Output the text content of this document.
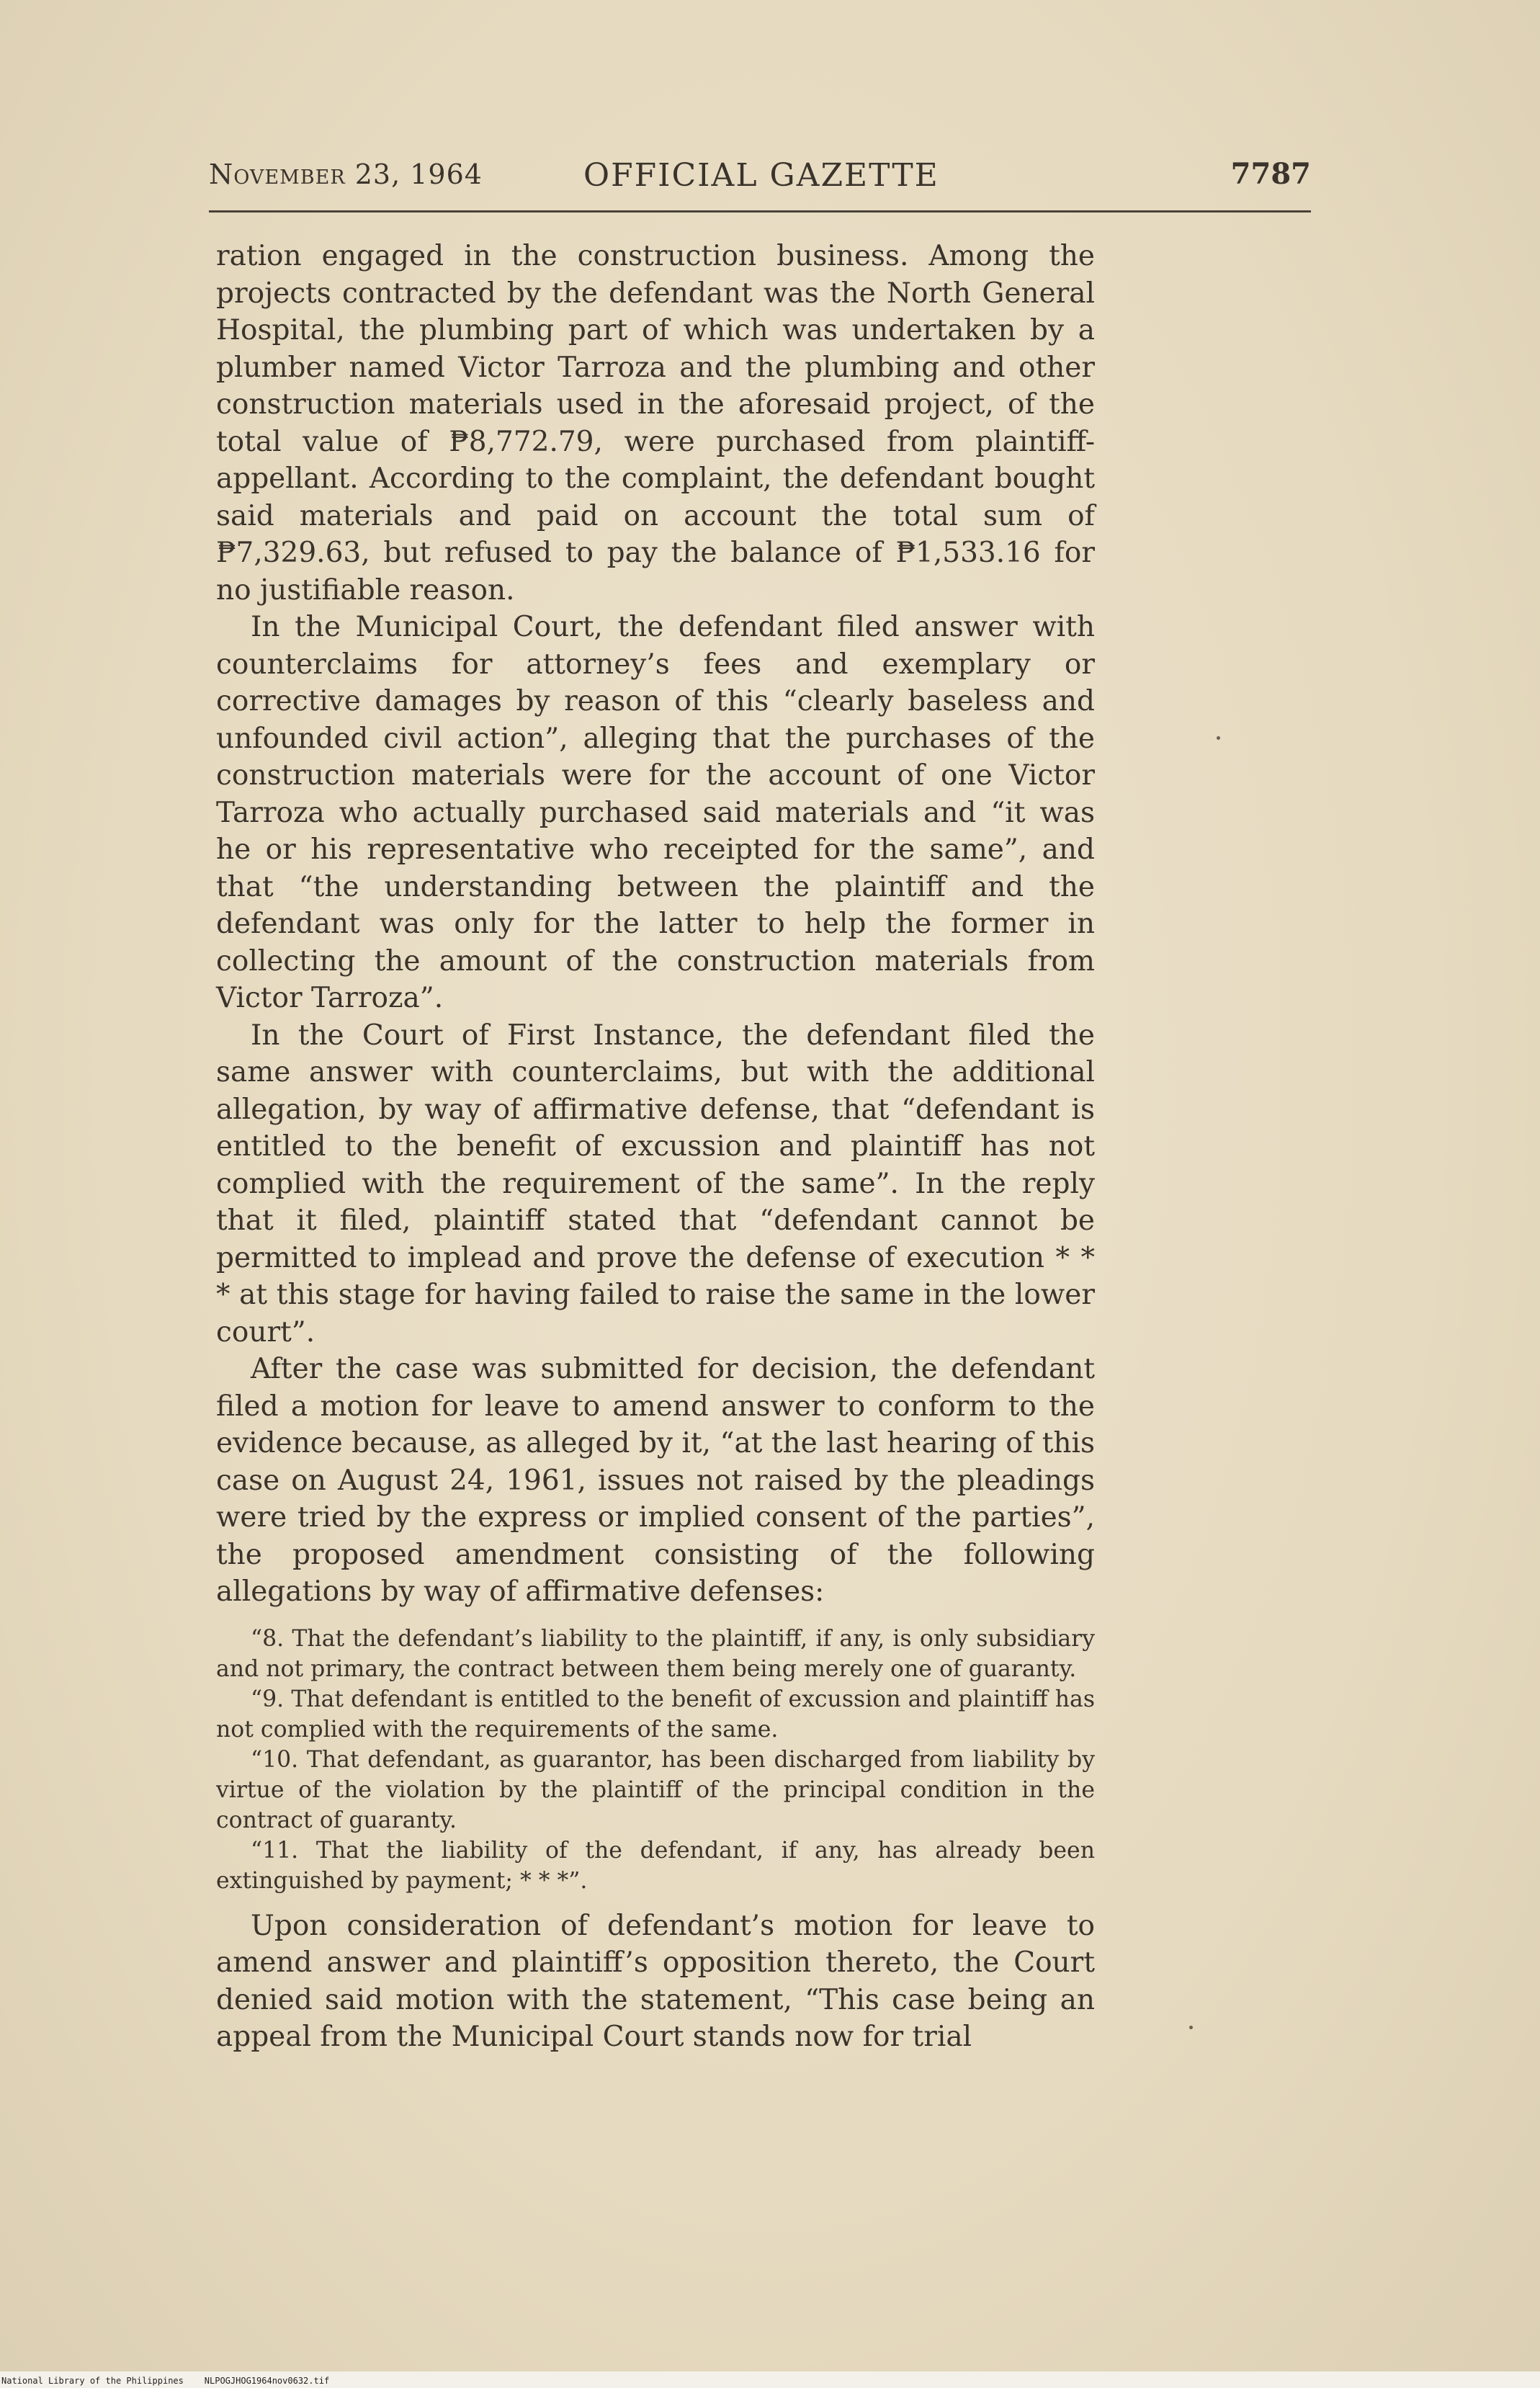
November 23, 1964	OFFICIAL GAZETTE	7787

ration engaged in the construction business. Among the projects contracted by the defendant was the North General Hospital, the plumbing part of which was undertaken by a plumber named Victor Tarroza and the plumbing and other construction materials used in the aforesaid project, of the total value of ₱8,772.79, were purchased from plaintiff-appellant. According to the complaint, the defendant bought said materials and paid on account the total sum of ₱7,329.63, but refused to pay the balance of ₱1,533.16 for no justifiable reason.

In the Municipal Court, the defendant filed answer with counterclaims for attorney’s fees and exemplary or corrective damages by reason of this “clearly baseless and unfounded civil action”, alleging that the purchases of the construction materials were for the account of one Victor Tarroza who actually purchased said materials and “it was he or his representative who receipted for the same”, and that “the understanding between the plaintiff and the defendant was only for the latter to help the former in collecting the amount of the construction materials from Victor Tarroza”.

In the Court of First Instance, the defendant filed the same answer with counterclaims, but with the additional allegation, by way of affirmative defense, that “defendant is entitled to the benefit of excussion and plaintiff has not complied with the requirement of the same”. In the reply that it filed, plaintiff stated that “defendant cannot be permitted to implead and prove the defense of execution * * * at this stage for having failed to raise the same in the lower court”.

After the case was submitted for decision, the defendant filed a motion for leave to amend answer to conform to the evidence because, as alleged by it, “at the last hearing of this case on August 24, 1961, issues not raised by the pleadings were tried by the express or implied consent of the parties”, the proposed amendment consisting of the following allegations by way of affirmative defenses:

“8. That the defendant’s liability to the plaintiff, if any, is only subsidiary and not primary, the contract between them being merely one of guaranty.

“9. That defendant is entitled to the benefit of excussion and plaintiff has not complied with the requirements of the same.

“10. That defendant, as guarantor, has been discharged from liability by virtue of the violation by the plaintiff of the principal condition in the contract of guaranty.

“11. That the liability of the defendant, if any, has already been extinguished by payment; * * *”.

Upon consideration of defendant’s motion for leave to amend answer and plaintiff’s opposition thereto, the Court denied said motion with the statement, “This case being an appeal from the Municipal Court stands now for trial

National Library of the Philippines NLPOGJHOG1964nov0632.tif
